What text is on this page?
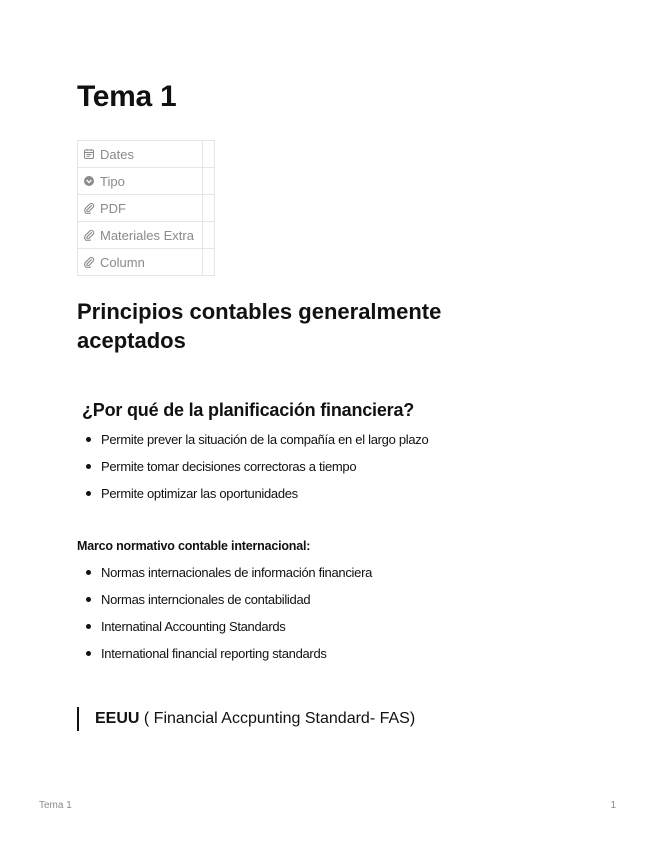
Tema 1
Dates
Tipo
PDF
Materiales Extra
Column
Principios contables generalmente aceptados
¿Por qué de la planificación financiera?
Permite prever la situación de la compañía en el largo plazo
Permite tomar decisiones correctoras a tiempo
Permite optimizar las oportunidades

Marco normativo contable internacional:

Normas internacionales de información financiera
Normas interncionales de contabilidad
Internatinal Accounting Standards
International financial reporting standards
EEUU ( Financial Accpunting Standard- FAS)
Tema 1	1
